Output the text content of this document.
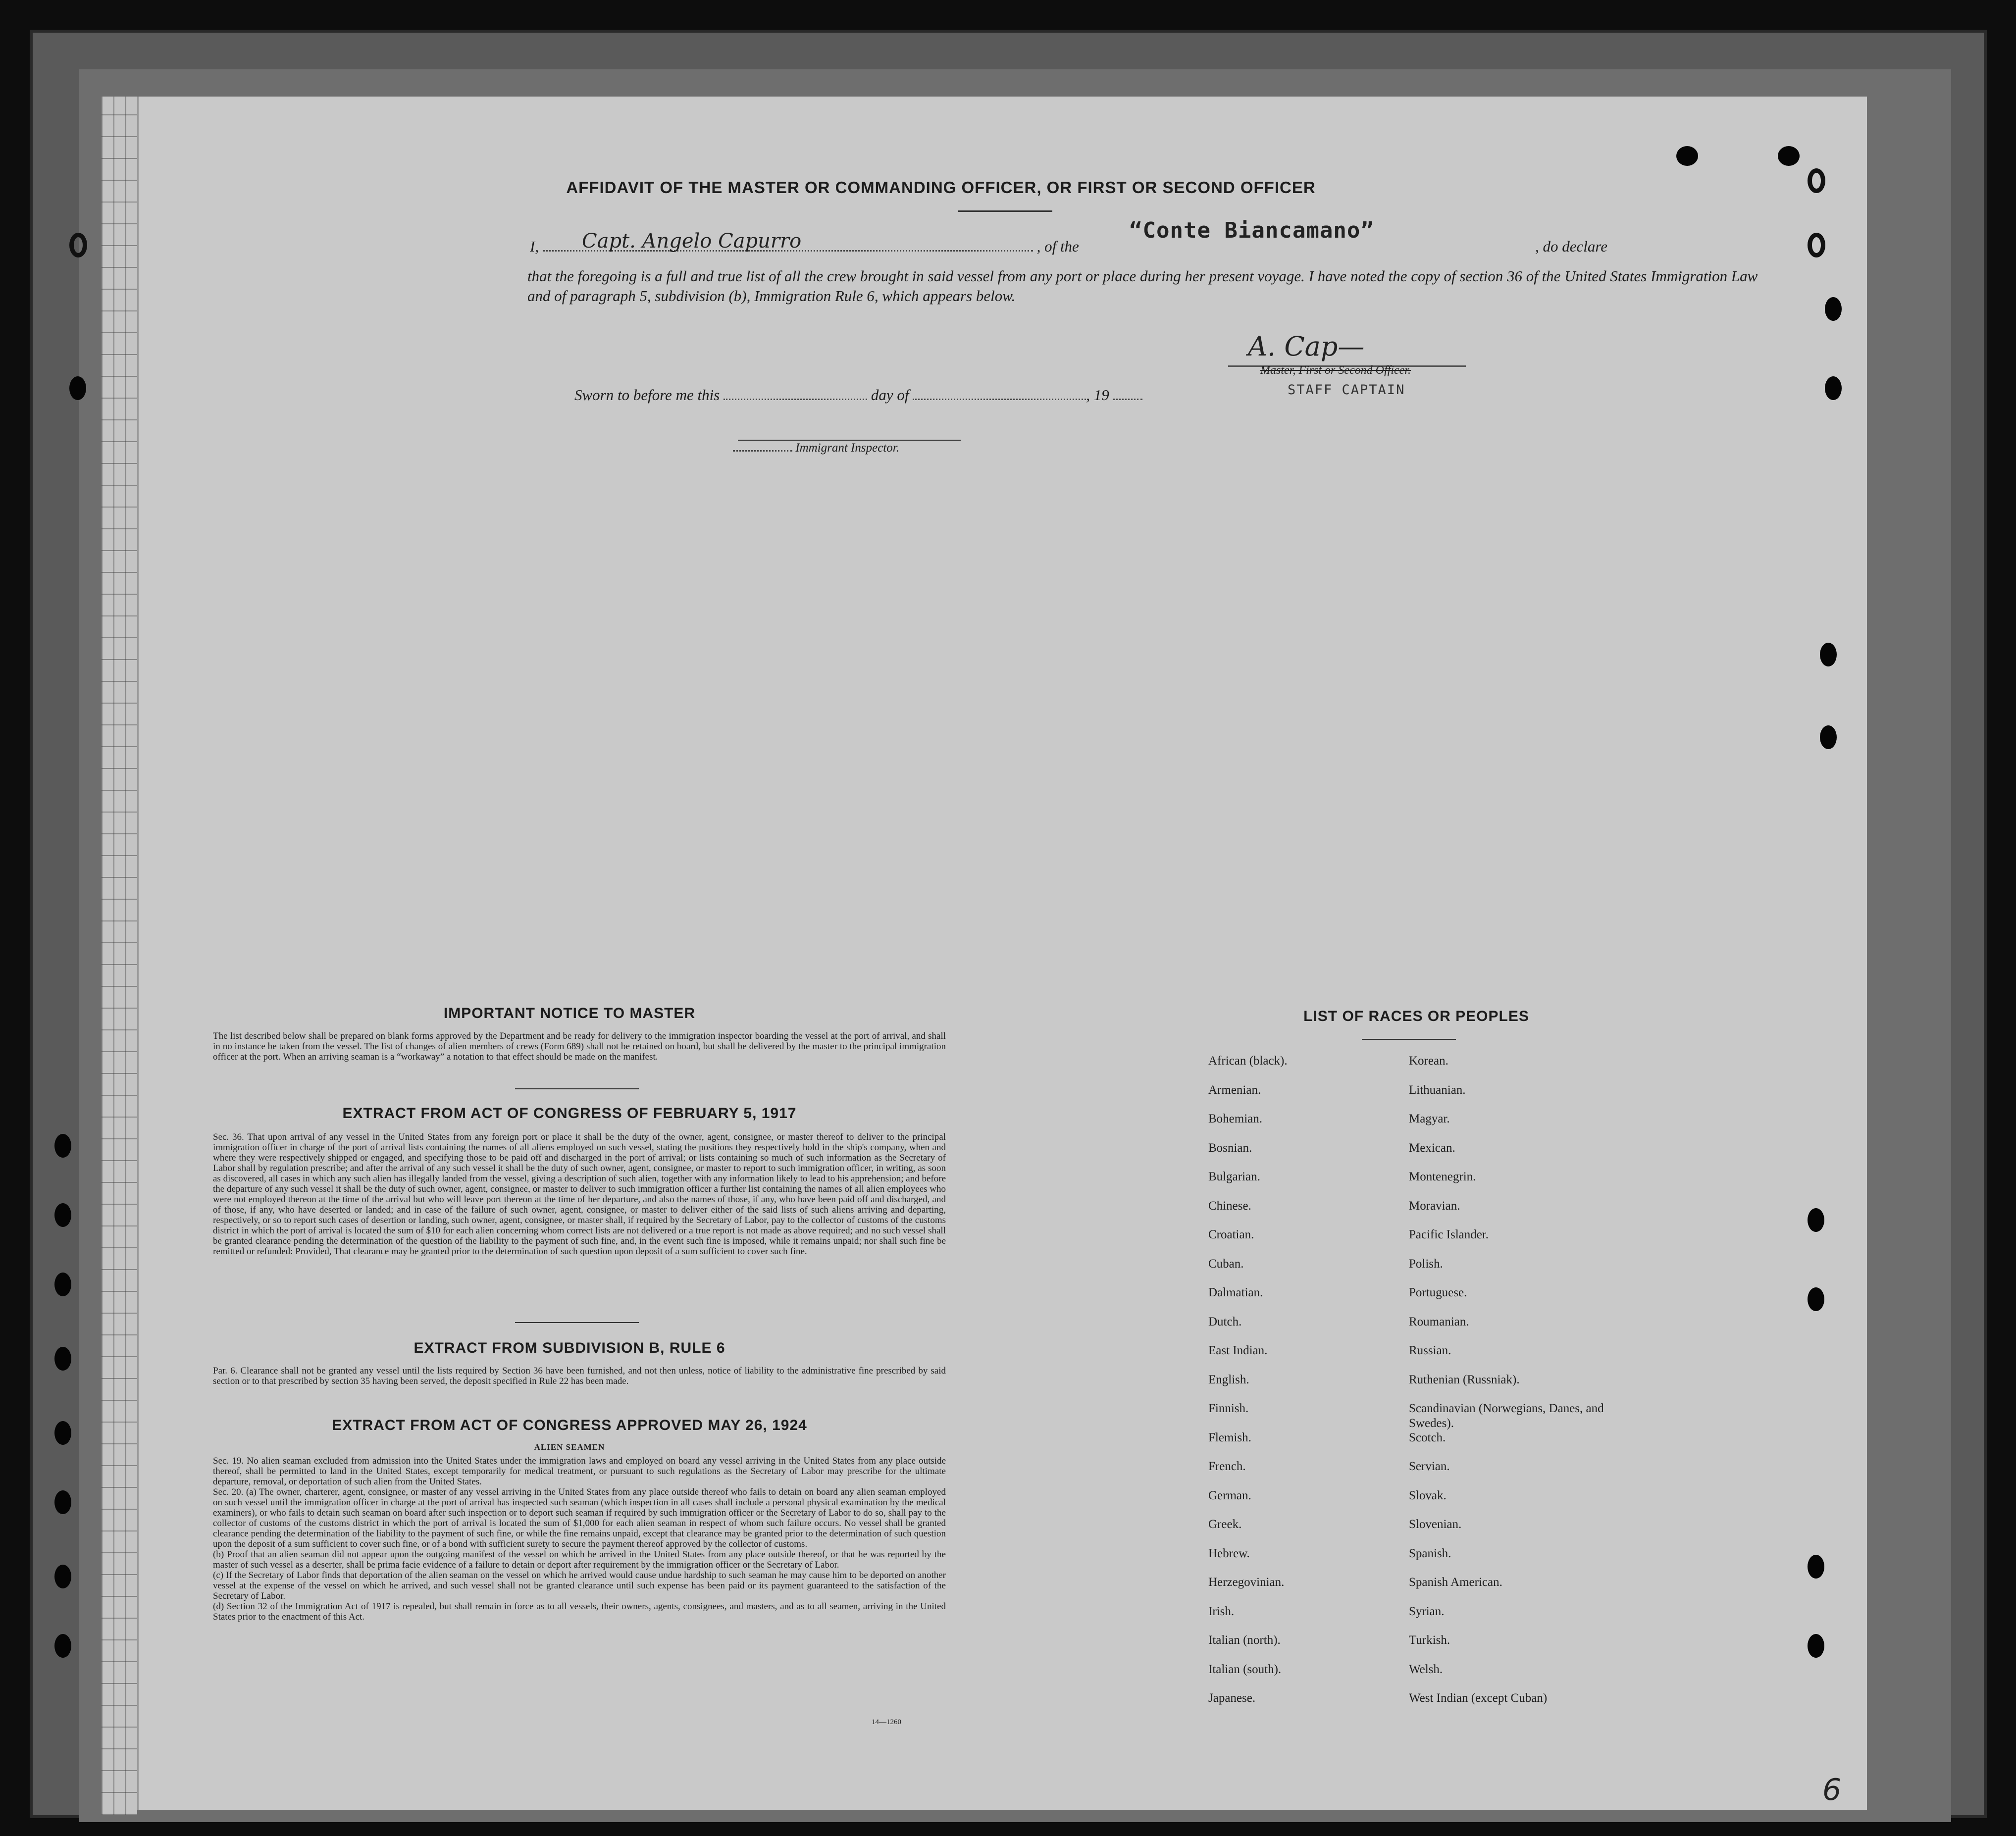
AFFIDAVIT OF THE MASTER OR COMMANDING OFFICER, OR FIRST OR SECOND OFFICER
I,	, of the
Capt. Angelo Capurro	“Conte Biancamano”
, do declare
that the foregoing is a full and true list of all the crew brought in said vessel from any port or place during her present voyage. I have noted the copy of section 36 of the United States Immigration Law and of paragraph 5, subdivision (b), Immigration Rule 6, which appears below.
A. Cap—
Master, First or Second Officer.
STAFF CAPTAIN
Sworn to before me this	day of	, 19
Immigrant Inspector.
IMPORTANT NOTICE TO MASTER
The list described below shall be prepared on blank forms approved by the Department and be ready for delivery to the immigration inspector boarding the vessel at the port of arrival, and shall in no instance be taken from the vessel. The list of changes of alien members of crews (Form 689) shall not be retained on board, but shall be delivered by the master to the principal immigration officer at the port. When an arriving seaman is a “workaway” a notation to that effect should be made on the manifest.
EXTRACT FROM ACT OF CONGRESS OF FEBRUARY 5, 1917
Sec. 36. That upon arrival of any vessel in the United States from any foreign port or place it shall be the duty of the owner, agent, consignee, or master thereof to deliver to the principal immigration officer in charge of the port of arrival lists containing the names of all aliens employed on such vessel, stating the positions they respectively hold in the ship's company, when and where they were respectively shipped or engaged, and specifying those to be paid off and discharged in the port of arrival; or lists containing so much of such information as the Secretary of Labor shall by regulation prescribe; and after the arrival of any such vessel it shall be the duty of such owner, agent, consignee, or master to report to such immigration officer, in writing, as soon as discovered, all cases in which any such alien has illegally landed from the vessel, giving a description of such alien, together with any information likely to lead to his apprehension; and before the departure of any such vessel it shall be the duty of such owner, agent, consignee, or master to deliver to such immigration officer a further list containing the names of all alien employees who were not employed thereon at the time of the arrival but who will leave port thereon at the time of her departure, and also the names of those, if any, who have been paid off and discharged, and of those, if any, who have deserted or landed; and in case of the failure of such owner, agent, consignee, or master to deliver either of the said lists of such aliens arriving and departing, respectively, or so to report such cases of desertion or landing, such owner, agent, consignee, or master shall, if required by the Secretary of Labor, pay to the collector of customs of the customs district in which the port of arrival is located the sum of $10 for each alien concerning whom correct lists are not delivered or a true report is not made as above required; and no such vessel shall be granted clearance pending the determination of the question of the liability to the payment of such fine, and, in the event such fine is imposed, while it remains unpaid; nor shall such fine be remitted or refunded: Provided, That clearance may be granted prior to the determination of such question upon deposit of a sum sufficient to cover such fine.
EXTRACT FROM SUBDIVISION B, RULE 6
Par. 6. Clearance shall not be granted any vessel until the lists required by Section 36 have been furnished, and not then unless, notice of liability to the administrative fine prescribed by said section or to that prescribed by section 35 having been served, the deposit specified in Rule 22 has been made.
EXTRACT FROM ACT OF CONGRESS APPROVED MAY 26, 1924
ALIEN SEAMEN
Sec. 19. No alien seaman excluded from admission into the United States under the immigration laws and employed on board any vessel arriving in the United States from any place outside thereof, shall be permitted to land in the United States, except temporarily for medical treatment, or pursuant to such regulations as the Secretary of Labor may prescribe for the ultimate departure, removal, or deportation of such alien from the United States.
Sec. 20. (a) The owner, charterer, agent, consignee, or master of any vessel arriving in the United States from any place outside thereof who fails to detain on board any alien seaman employed on such vessel until the immigration officer in charge at the port of arrival has inspected such seaman (which inspection in all cases shall include a personal physical examination by the medical examiners), or who fails to detain such seaman on board after such inspection or to deport such seaman if required by such immigration officer or the Secretary of Labor to do so, shall pay to the collector of customs of the customs district in which the port of arrival is located the sum of $1,000 for each alien seaman in respect of whom such failure occurs. No vessel shall be granted clearance pending the determination of the liability to the payment of such fine, or while the fine remains unpaid, except that clearance may be granted prior to the determination of such question upon the deposit of a sum sufficient to cover such fine, or of a bond with sufficient surety to secure the payment thereof approved by the collector of customs.
(b) Proof that an alien seaman did not appear upon the outgoing manifest of the vessel on which he arrived in the United States from any place outside thereof, or that he was reported by the master of such vessel as a deserter, shall be prima facie evidence of a failure to detain or deport after requirement by the immigration officer or the Secretary of Labor.
(c) If the Secretary of Labor finds that deportation of the alien seaman on the vessel on which he arrived would cause undue hardship to such seaman he may cause him to be deported on another vessel at the expense of the vessel on which he arrived, and such vessel shall not be granted clearance until such expense has been paid or its payment guaranteed to the satisfaction of the Secretary of Labor.
(d) Section 32 of the Immigration Act of 1917 is repealed, but shall remain in force as to all vessels, their owners, agents, consignees, and masters, and as to all seamen, arriving in the United States prior to the enactment of this Act.
14—1260
LIST OF RACES OR PEOPLES
African (black).
Armenian.
Bohemian.
Bosnian.
Bulgarian.
Chinese.
Croatian.
Cuban.
Dalmatian.
Dutch.
East Indian.
English.
Finnish.
Flemish.
French.
German.
Greek.
Hebrew.
Herzegovinian.
Irish.
Italian (north).
Italian (south).
Japanese.
Korean.
Lithuanian.
Magyar.
Mexican.
Montenegrin.
Moravian.
Pacific Islander.
Polish.
Portuguese.
Roumanian.
Russian.
Ruthenian (Russniak).
Scandinavian (Norwegians, Danes, and Swedes).
Scotch.
Servian.
Slovak.
Slovenian.
Spanish.
Spanish American.
Syrian.
Turkish.
Welsh.
West Indian (except Cuban)
6
